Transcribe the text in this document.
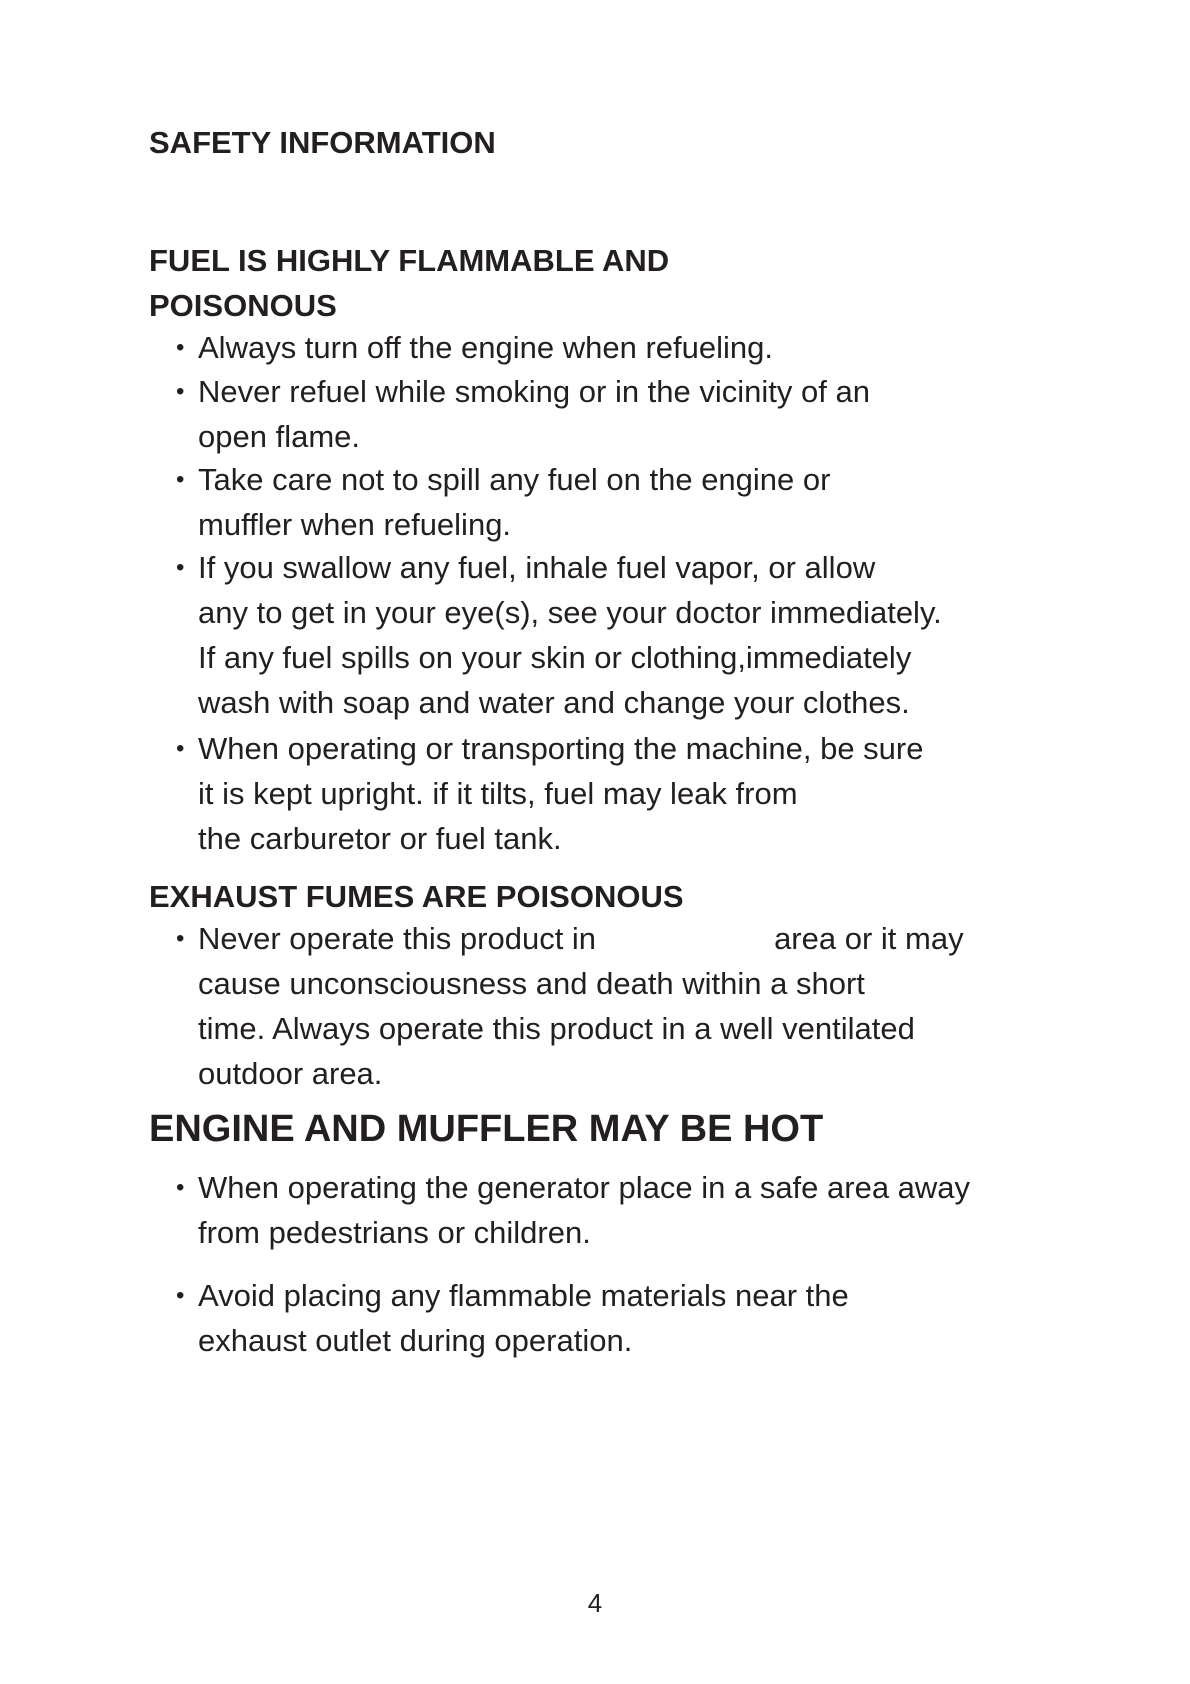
SAFETY INFORMATION
FUEL IS HIGHLY FLAMMABLE AND
POISONOUS
• Always turn off the engine when refueling.
• Never refuel while smoking or in the vicinity of an
open flame.
• Take care not to spill any fuel on the engine or
muffler when refueling.
• If you swallow any fuel, inhale fuel vapor, or allow
any to get in your eye(s), see your doctor immediately.
If any fuel spills on your skin or clothing,immediately
wash with soap and water and change your clothes.
• When operating or transporting the machine, be sure
it is kept upright. if it tilts, fuel may leak from
the carburetor or fuel tank.
EXHAUST FUMES ARE POISONOUS
• Never operate this product in	area or it may
cause unconsciousness and death within a short
time. Always operate this product in a well ventilated
outdoor area.
ENGINE AND MUFFLER MAY BE HOT
• When operating the generator place in a safe area away
from pedestrians or children.
• Avoid placing any flammable materials near the
exhaust outlet during operation.
4
